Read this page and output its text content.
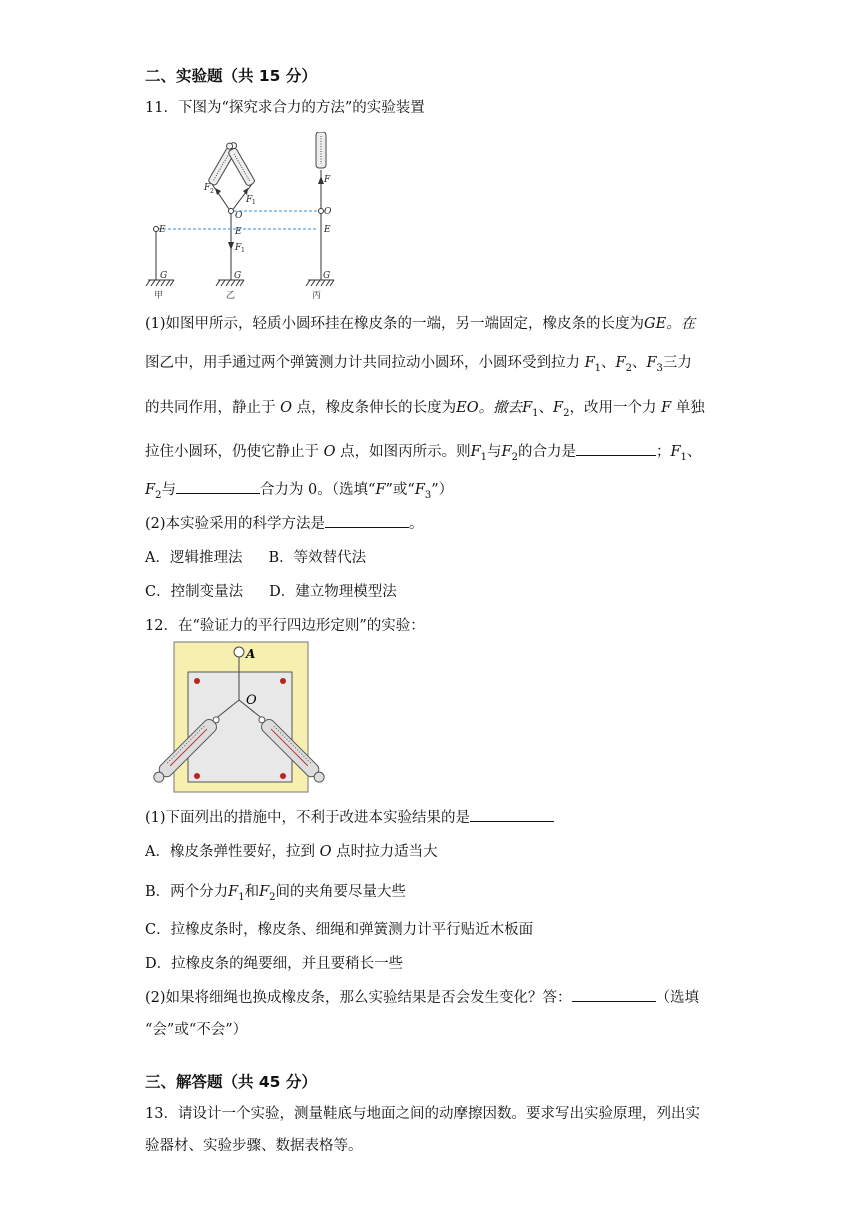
二、实验题（共 15 分）
11．下图为“探究求合力的方法”的实验装置
F 2
F 1
O
E
F 1
E
F
O
E
G	G	G
甲	乙	丙
(1)如图甲所示，轻质小圆环挂在橡皮条的一端，另一端固定，橡皮条的长度为GE。在
图乙中，用手通过两个弹簧测力计共同拉动小圆环，小圆环受到拉力 $F_1$、$F_2$、$F_3$三力
的共同作用，静止于 O 点，橡皮条伸长的长度为EO。撤去$F_1$、$F_2$，改用一个力 F 单独
拉住小圆环，仍使它静止于 O 点，如图丙所示。则$F_1$与$F_2$的合力是	；$F_1$、
$F_2$与	合力为 0。（选填“F”或“$F_3$”）
(2)本实验采用的科学方法是	。
A．逻辑推理法 B．等效替代法
C．控制变量法 D．建立物理模型法
12．在“验证力的平行四边形定则”的实验：
A
O
(1)下面列出的措施中，不利于改进本实验结果的是
A．橡皮条弹性要好，拉到 O 点时拉力适当大
B．两个分力$F_1$和$F_2$间的夹角要尽量大些
C．拉橡皮条时，橡皮条、细绳和弹簧测力计平行贴近木板面
D．拉橡皮条的绳要细，并且要稍长一些
(2)如果将细绳也换成橡皮条，那么实验结果是否会发生变化？答：	（选填
“会”或“不会”）
三、解答题（共 45 分）
13．请设计一个实验，测量鞋底与地面之间的动摩擦因数。要求写出实验原理，列出实
验器材、实验步骤、数据表格等。
